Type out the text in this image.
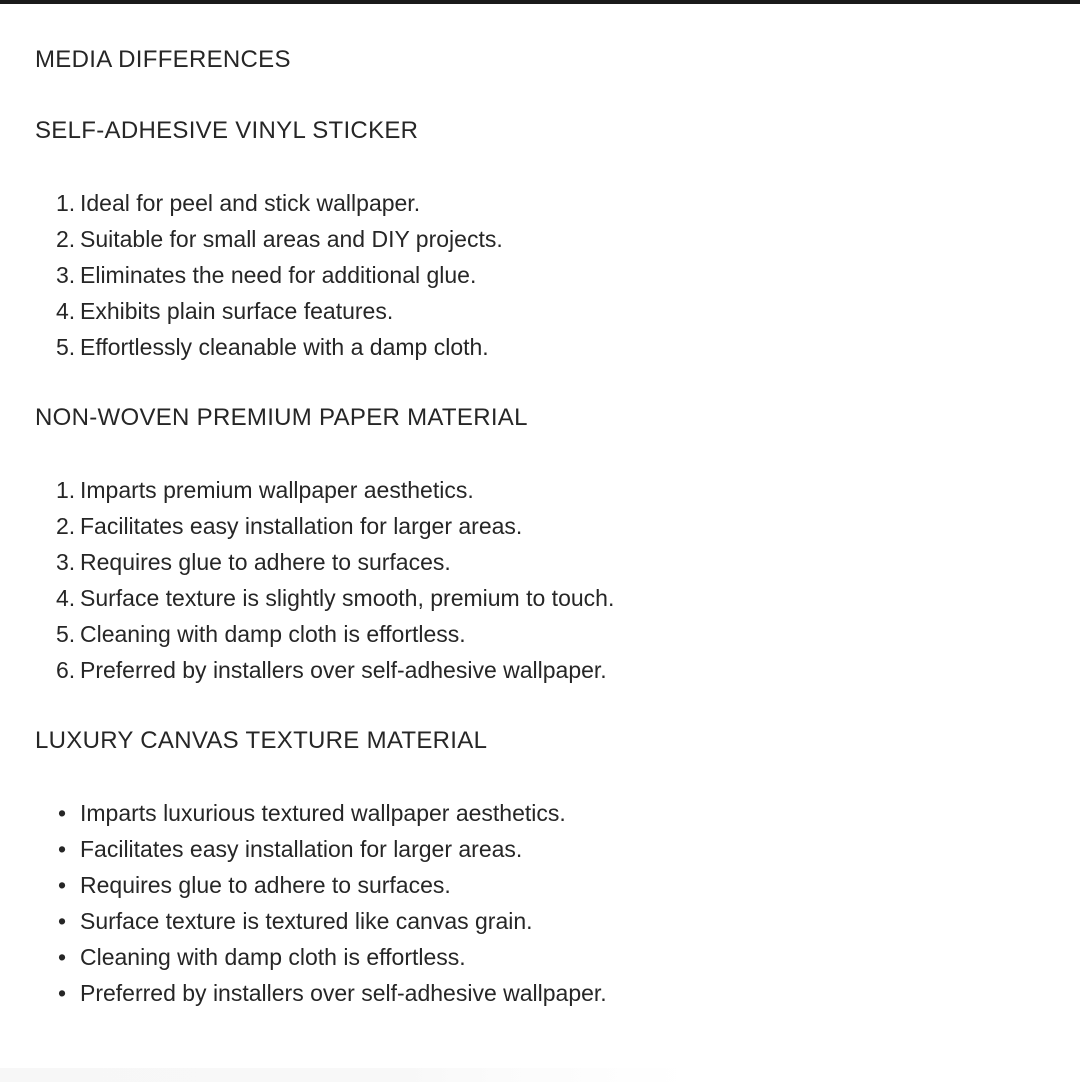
MEDIA DIFFERENCES
SELF-ADHESIVE VINYL STICKER
1. Ideal for peel and stick wallpaper.
2. Suitable for small areas and DIY projects.
3. Eliminates the need for additional glue.
4. Exhibits plain surface features.
5. Effortlessly cleanable with a damp cloth.
NON-WOVEN PREMIUM PAPER MATERIAL
1. Imparts premium wallpaper aesthetics.
2. Facilitates easy installation for larger areas.
3. Requires glue to adhere to surfaces.
4. Surface texture is slightly smooth, premium to touch.
5. Cleaning with damp cloth is effortless.
6. Preferred by installers over self-adhesive wallpaper.
LUXURY CANVAS TEXTURE MATERIAL
• Imparts luxurious textured wallpaper aesthetics.
• Facilitates easy installation for larger areas.
• Requires glue to adhere to surfaces.
• Surface texture is textured like canvas grain.
• Cleaning with damp cloth is effortless.
• Preferred by installers over self-adhesive wallpaper.
